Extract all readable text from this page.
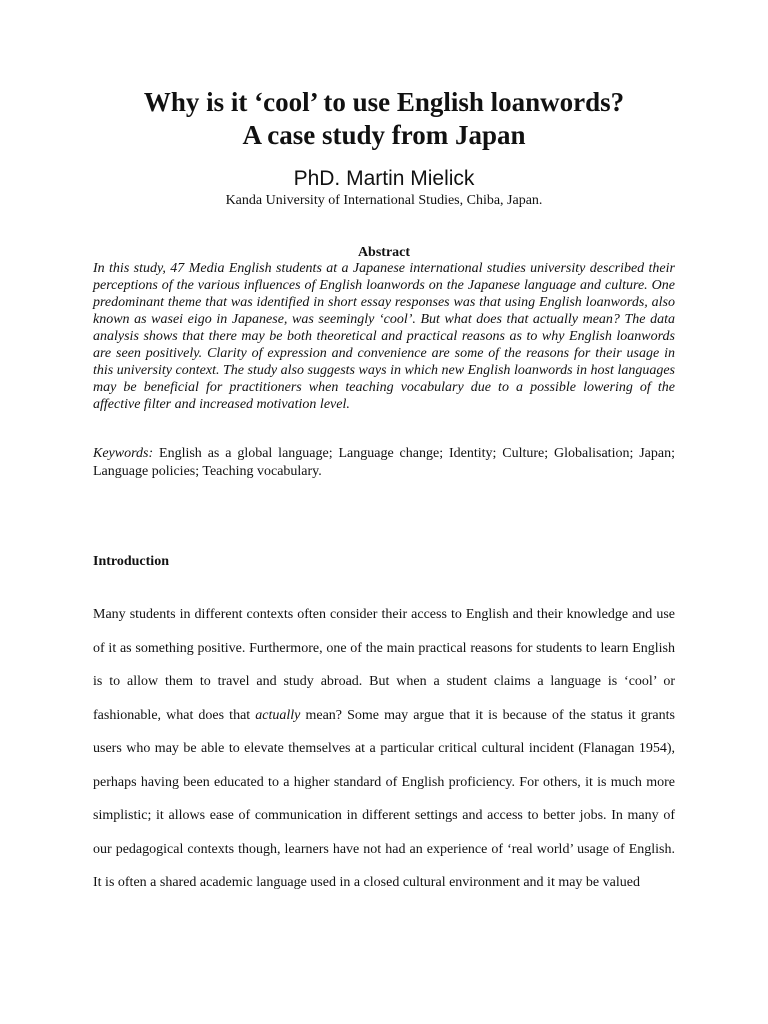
Why is it ‘cool’ to use English loanwords?
A case study from Japan
PhD. Martin Mielick
Kanda University of International Studies, Chiba, Japan.
Abstract

In this study, 47 Media English students at a Japanese international studies university described their perceptions of the various influences of English loanwords on the Japanese language and culture. One predominant theme that was identified in short essay responses was that using English loanwords, also known as wasei eigo in Japanese, was seemingly ‘cool’. But what does that actually mean? The data analysis shows that there may be both theoretical and practical reasons as to why English loanwords are seen positively. Clarity of expression and convenience are some of the reasons for their usage in this university context. The study also suggests ways in which new English loanwords in host languages may be beneficial for practitioners when teaching vocabulary due to a possible lowering of the affective filter and increased motivation level.

Keywords: English as a global language; Language change; Identity; Culture; Globalisation; Japan; Language policies; Teaching vocabulary.

Introduction

Many students in different contexts often consider their access to English and their knowledge and use of it as something positive. Furthermore, one of the main practical reasons for students to learn English is to allow them to travel and study abroad. But when a student claims a language is ‘cool’ or fashionable, what does that actually mean? Some may argue that it is because of the status it grants users who may be able to elevate themselves at a particular critical cultural incident (Flanagan 1954), perhaps having been educated to a higher standard of English proficiency. For others, it is much more simplistic; it allows ease of communication in different settings and access to better jobs. In many of our pedagogical contexts though, learners have not had an experience of ‘real world’ usage of English. It is often a shared academic language used in a closed cultural environment and it may be valued
